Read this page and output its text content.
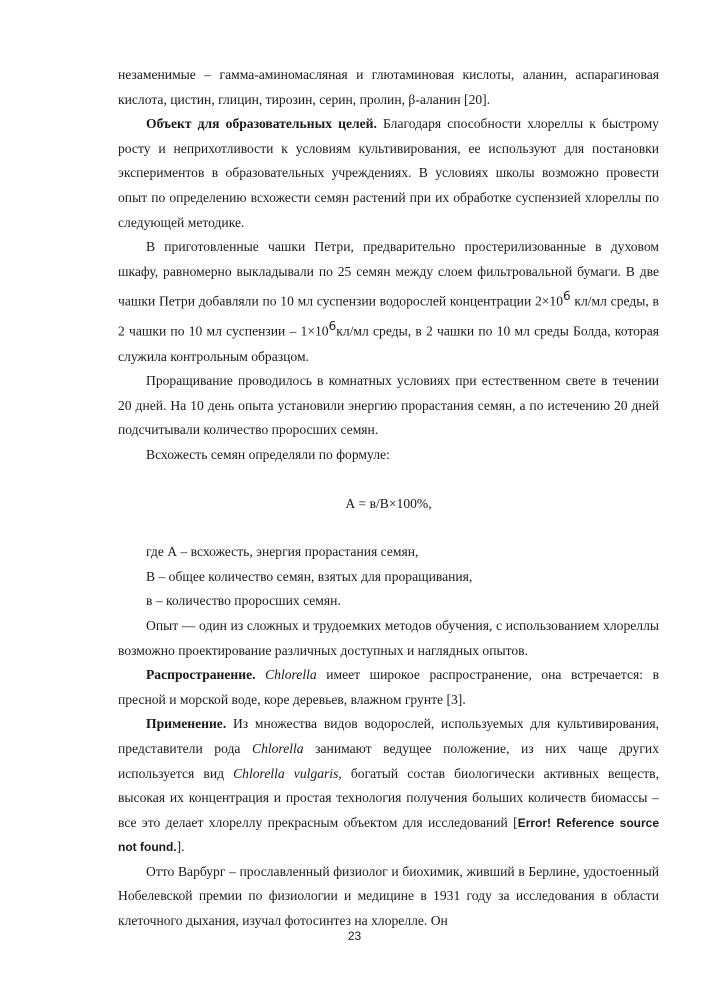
незаменимые – гамма-аминомасляная и глютаминовая кислоты, аланин, аспарагиновая кислота, цистин, глицин, тирозин, серин, пролин, β-аланин [20].

Объект для образовательных целей. Благодаря способности хлореллы к быстрому росту и неприхотливости к условиям культивирования, ее используют для постановки экспериментов в образовательных учреждениях. В условиях школы возможно провести опыт по определению всхожести семян растений при их обработке суспензией хлореллы по следующей методике.

В приготовленные чашки Петри, предварительно простерилизованные в духовом шкафу, равномерно выкладывали по 25 семян между слоем фильтровальной бумаги. В две чашки Петри добавляли по 10 мл суспензии водорослей концентрации $2\times 10^6$ кл/мл среды, в 2 чашки по 10 мл суспензии – $1\times 10^6кл/мл$ среды, в 2 чашки по 10 мл среды Болда, которая служила контрольным образцом.

Проращивание проводилось в комнатных условиях при естественном свете в течении 20 дней. На 10 день опыта установили энергию прорастания семян, а по истечению 20 дней подсчитывали количество проросших семян.

Всхожесть семян определяли по формуле:

А = в/В×100%,

где А – всхожесть, энергия прорастания семян,

В – общее количество семян, взятых для проращивания,

в – количество проросших семян.

Опыт — один из сложных и трудоемких методов обучения, с использованием хлореллы возможно проектирование различных доступных и наглядных опытов.

Распространение. Chlorella имеет широкое распространение, она встречается: в пресной и морской воде, коре деревьев, влажном грунте [3].

Применение. Из множества видов водорослей, используемых для культивирования, представители рода Chlorella занимают ведущее положение, из них чаще других используется вид Chlorella vulgaris, богатый состав биологически активных веществ, высокая их концентрация и простая технология получения больших количеств биомассы – все это делает хлореллу прекрасным объектом для исследований [Error! Reference source not found.].

Отто Варбург – прославленный физиолог и биохимик, живший в Берлине, удостоенный Нобелевской премии по физиологии и медицине в 1931 году за исследования в области клеточного дыхания, изучал фотосинтез на хлорелле. Он

23
